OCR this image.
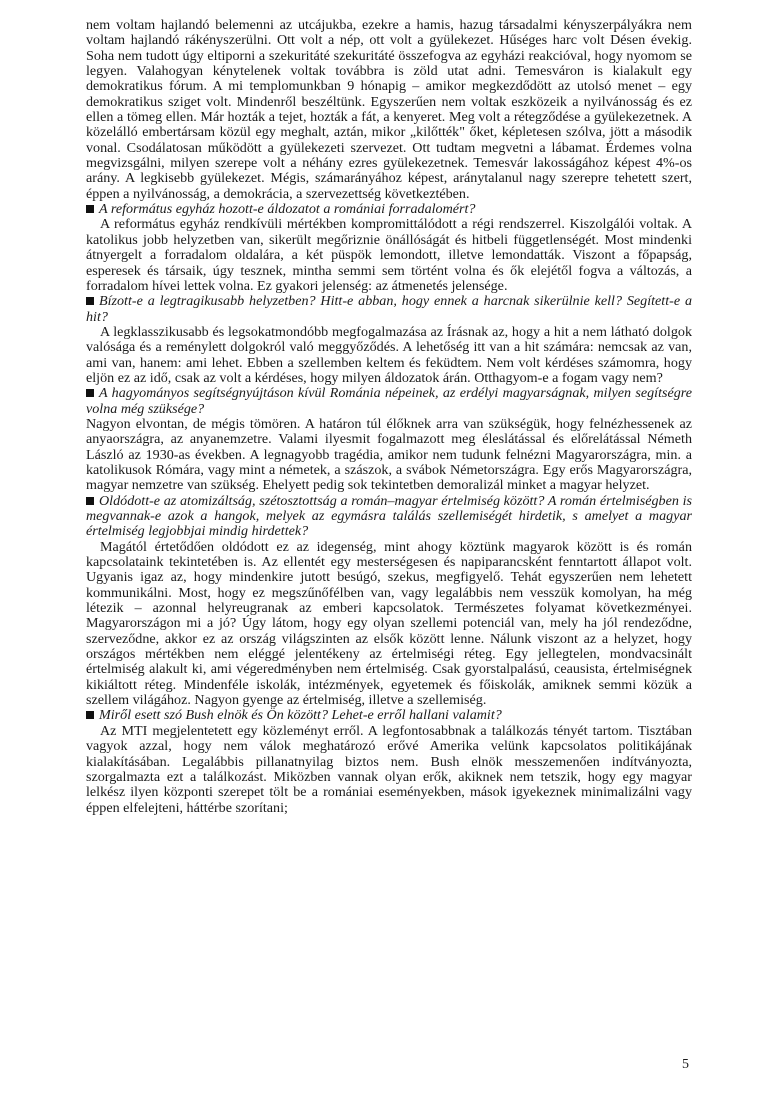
nem voltam hajlandó belemenni az utcájukba, ezekre a hamis, hazug társadalmi kényszerpályákra nem voltam hajlandó rákényszerülni. Ott volt a nép, ott volt a gyülekezet. Hűséges harc volt Désen évekig. Soha nem tudott úgy eltiporni a szekuritáté szekuritáté összefogva az egyházi reakcióval, hogy nyomom se legyen. Valahogyan kénytelenek voltak továbbra is zöld utat adni. Temesváron is kialakult egy demokratikus fórum. A mi templomunkban 9 hónapig – amikor megkezdődött az utolsó menet – egy demokratikus sziget volt. Mindenről beszéltünk. Egyszerűen nem voltak eszközeik a nyilvánosság és ez ellen a tömeg ellen. Már hozták a tejet, hozták a fát, a kenyeret. Meg volt a rétegződése a gyülekezetnek. A közelálló embertársam közül egy meghalt, aztán, mikor „kilőtték" őket, képletesen szólva, jött a második vonal. Csodálatosan működött a gyülekezeti szervezet. Ott tudtam megvetni a lábamat. Érdemes volna megvizsgálni, milyen szerepe volt a néhány ezres gyülekezetnek. Temesvár lakosságához képest 4%-os arány. A legkisebb gyülekezet. Mégis, számarányához képest, aránytalanul nagy szerepre tehetett szert, éppen a nyilvánosság, a demokrácia, a szervezettség következtében.

A református egyház hozott-e áldozatot a romániai forradalomért?

A református egyház rendkívüli mértékben kompromittálódott a régi rendszerrel. Kiszolgálói voltak. A katolikus jobb helyzetben van, sikerült megőriznie önállóságát és hitbeli függetlenségét. Most mindenki átnyergelt a forradalom oldalára, a két püspök lemondott, illetve lemondatták. Viszont a főpapság, esperesek és társaik, úgy tesznek, mintha semmi sem történt volna és ők elejétől fogva a változás, a forradalom hívei lettek volna. Ez gyakori jelenség: az átmenetés jelensége.

Bízott-e a legtragikusabb helyzetben? Hitt-e abban, hogy ennek a harcnak sikerülnie kell? Segített-e a hit?

A legklasszikusabb és legsokatmondóbb megfogalmazása az Írásnak az, hogy a hit a nem látható dolgok valósága és a reménylett dolgokról való meggyőződés. A lehetőség itt van a hit számára: nemcsak az van, ami van, hanem: ami lehet. Ebben a szellemben keltem és feküdtem. Nem volt kérdéses számomra, hogy eljön ez az idő, csak az volt a kérdéses, hogy milyen áldozatok árán. Otthagyom-e a fogam vagy nem?

A hagyományos segítségnyújtáson kívül Románia népeinek, az erdélyi magyarságnak, milyen segítségre volna még szüksége?

Nagyon elvontan, de mégis tömören. A határon túl élőknek arra van szükségük, hogy felnézhessenek az anyaországra, az anyanemzetre. Valami ilyesmit fogalmazott meg éleslátással és előrelátással Németh László az 1930-as években. A legnagyobb tragédia, amikor nem tudunk felnézni Magyarországra, min. a katolikusok Rómára, vagy mint a németek, a szászok, a svábok Németországra. Egy erős Magyarországra, magyar nemzetre van szükség. Ehelyett pedig sok tekintetben demoralizál minket a magyar helyzet.

Oldódott-e az atomizáltság, szétosztottság a román–magyar értelmiség között? A román értelmiségben is megvannak-e azok a hangok, melyek az egymásra találás szellemiségét hirdetik, s amelyet a magyar értelmiség legjobbjai mindig hirdettek?

Magától értetődően oldódott ez az idegenség, mint ahogy köztünk magyarok között is és román kapcsolataink tekintetében is. Az ellentét egy mesterségesen és napiparancsként fenntartott állapot volt. Ugyanis igaz az, hogy mindenkire jutott besúgó, szekus, megfigyelő. Tehát egyszerűen nem lehetett kommunikálni. Most, hogy ez megszűnőfélben van, vagy legalábbis nem vesszük komolyan, ha még létezik – azonnal helyreugranak az emberi kapcsolatok. Természetes folyamat következményei. Magyarországon mi a jó? Úgy látom, hogy egy olyan szellemi potenciál van, mely ha jól rendeződne, szerveződne, akkor ez az ország világszinten az elsők között lenne. Nálunk viszont az a helyzet, hogy országos mértékben nem eléggé jelentékeny az értelmiségi réteg. Egy jellegtelen, mondvacsinált értelmiség alakult ki, ami végeredményben nem értelmiség. Csak gyorstalpalású, ceausista, értelmiségnek kikiáltott réteg. Mindenféle iskolák, intézmények, egyetemek és főiskolák, amiknek semmi közük a szellem világához. Nagyon gyenge az értelmiség, illetve a szellemiség.

Miről esett szó Bush elnök és Ön között? Lehet-e erről hallani valamit?

Az MTI megjelentetett egy közleményt erről. A legfontosabbnak a találkozás tényét tartom. Tisztában vagyok azzal, hogy nem válok meghatározó erővé Amerika velünk kapcsolatos politikájának kialakításában. Legalábbis pillanatnyilag biztos nem. Bush elnök messzemenően indítványozta, szorgalmazta ezt a találkozást. Miközben vannak olyan erők, akiknek nem tetszik, hogy egy magyar lelkész ilyen központi szerepet tölt be a romániai eseményekben, mások igyekeznek minimalizálni vagy éppen elfelejteni, háttérbe szorítani;

5
